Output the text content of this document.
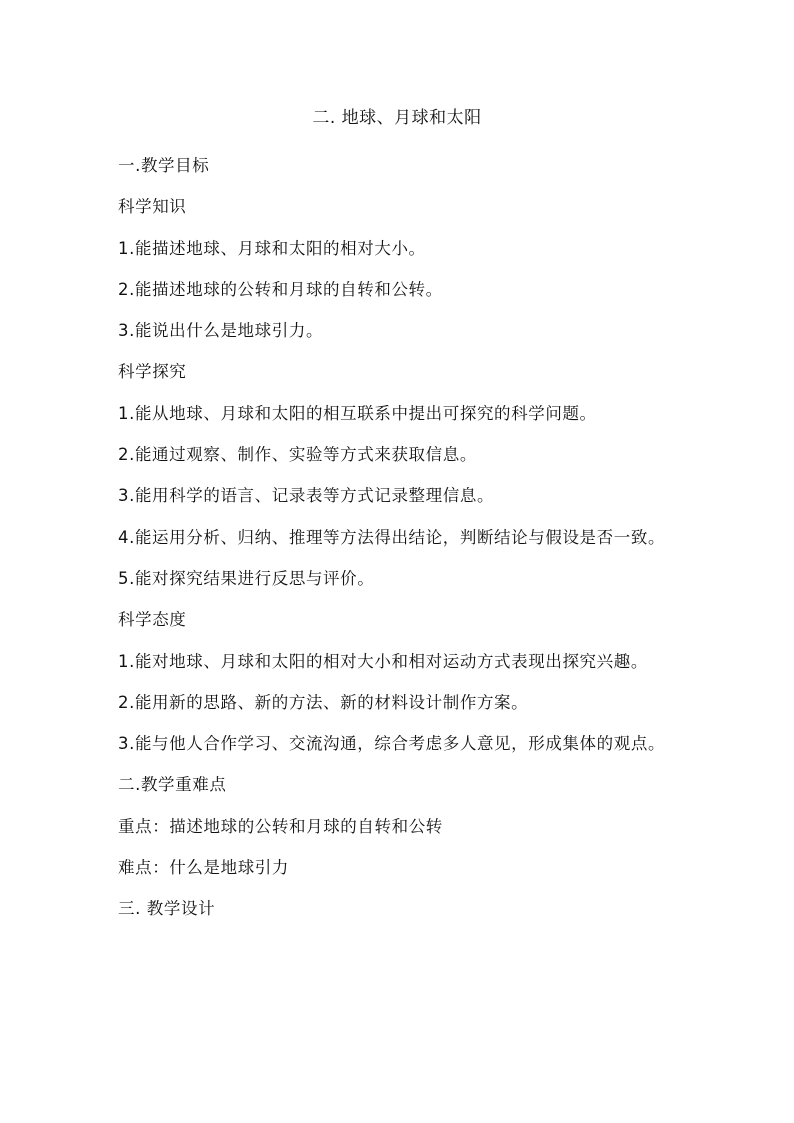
二. 地球、月球和太阳

一.教学目标

科学知识

1.能描述地球、月球和太阳的相对大小。

2.能描述地球的公转和月球的自转和公转。

3.能说出什么是地球引力。

科学探究

1.能从地球、月球和太阳的相互联系中提出可探究的科学问题。

2.能通过观察、制作、实验等方式来获取信息。

3.能用科学的语言、记录表等方式记录整理信息。

4.能运用分析、归纳、推理等方法得出结论，判断结论与假设是否一致。

5.能对探究结果进行反思与评价。

科学态度

1.能对地球、月球和太阳的相对大小和相对运动方式表现出探究兴趣。

2.能用新的思路、新的方法、新的材料设计制作方案。

3.能与他人合作学习、交流沟通，综合考虑多人意见，形成集体的观点。

二.教学重难点

重点：描述地球的公转和月球的自转和公转

难点：什么是地球引力

三. 教学设计
